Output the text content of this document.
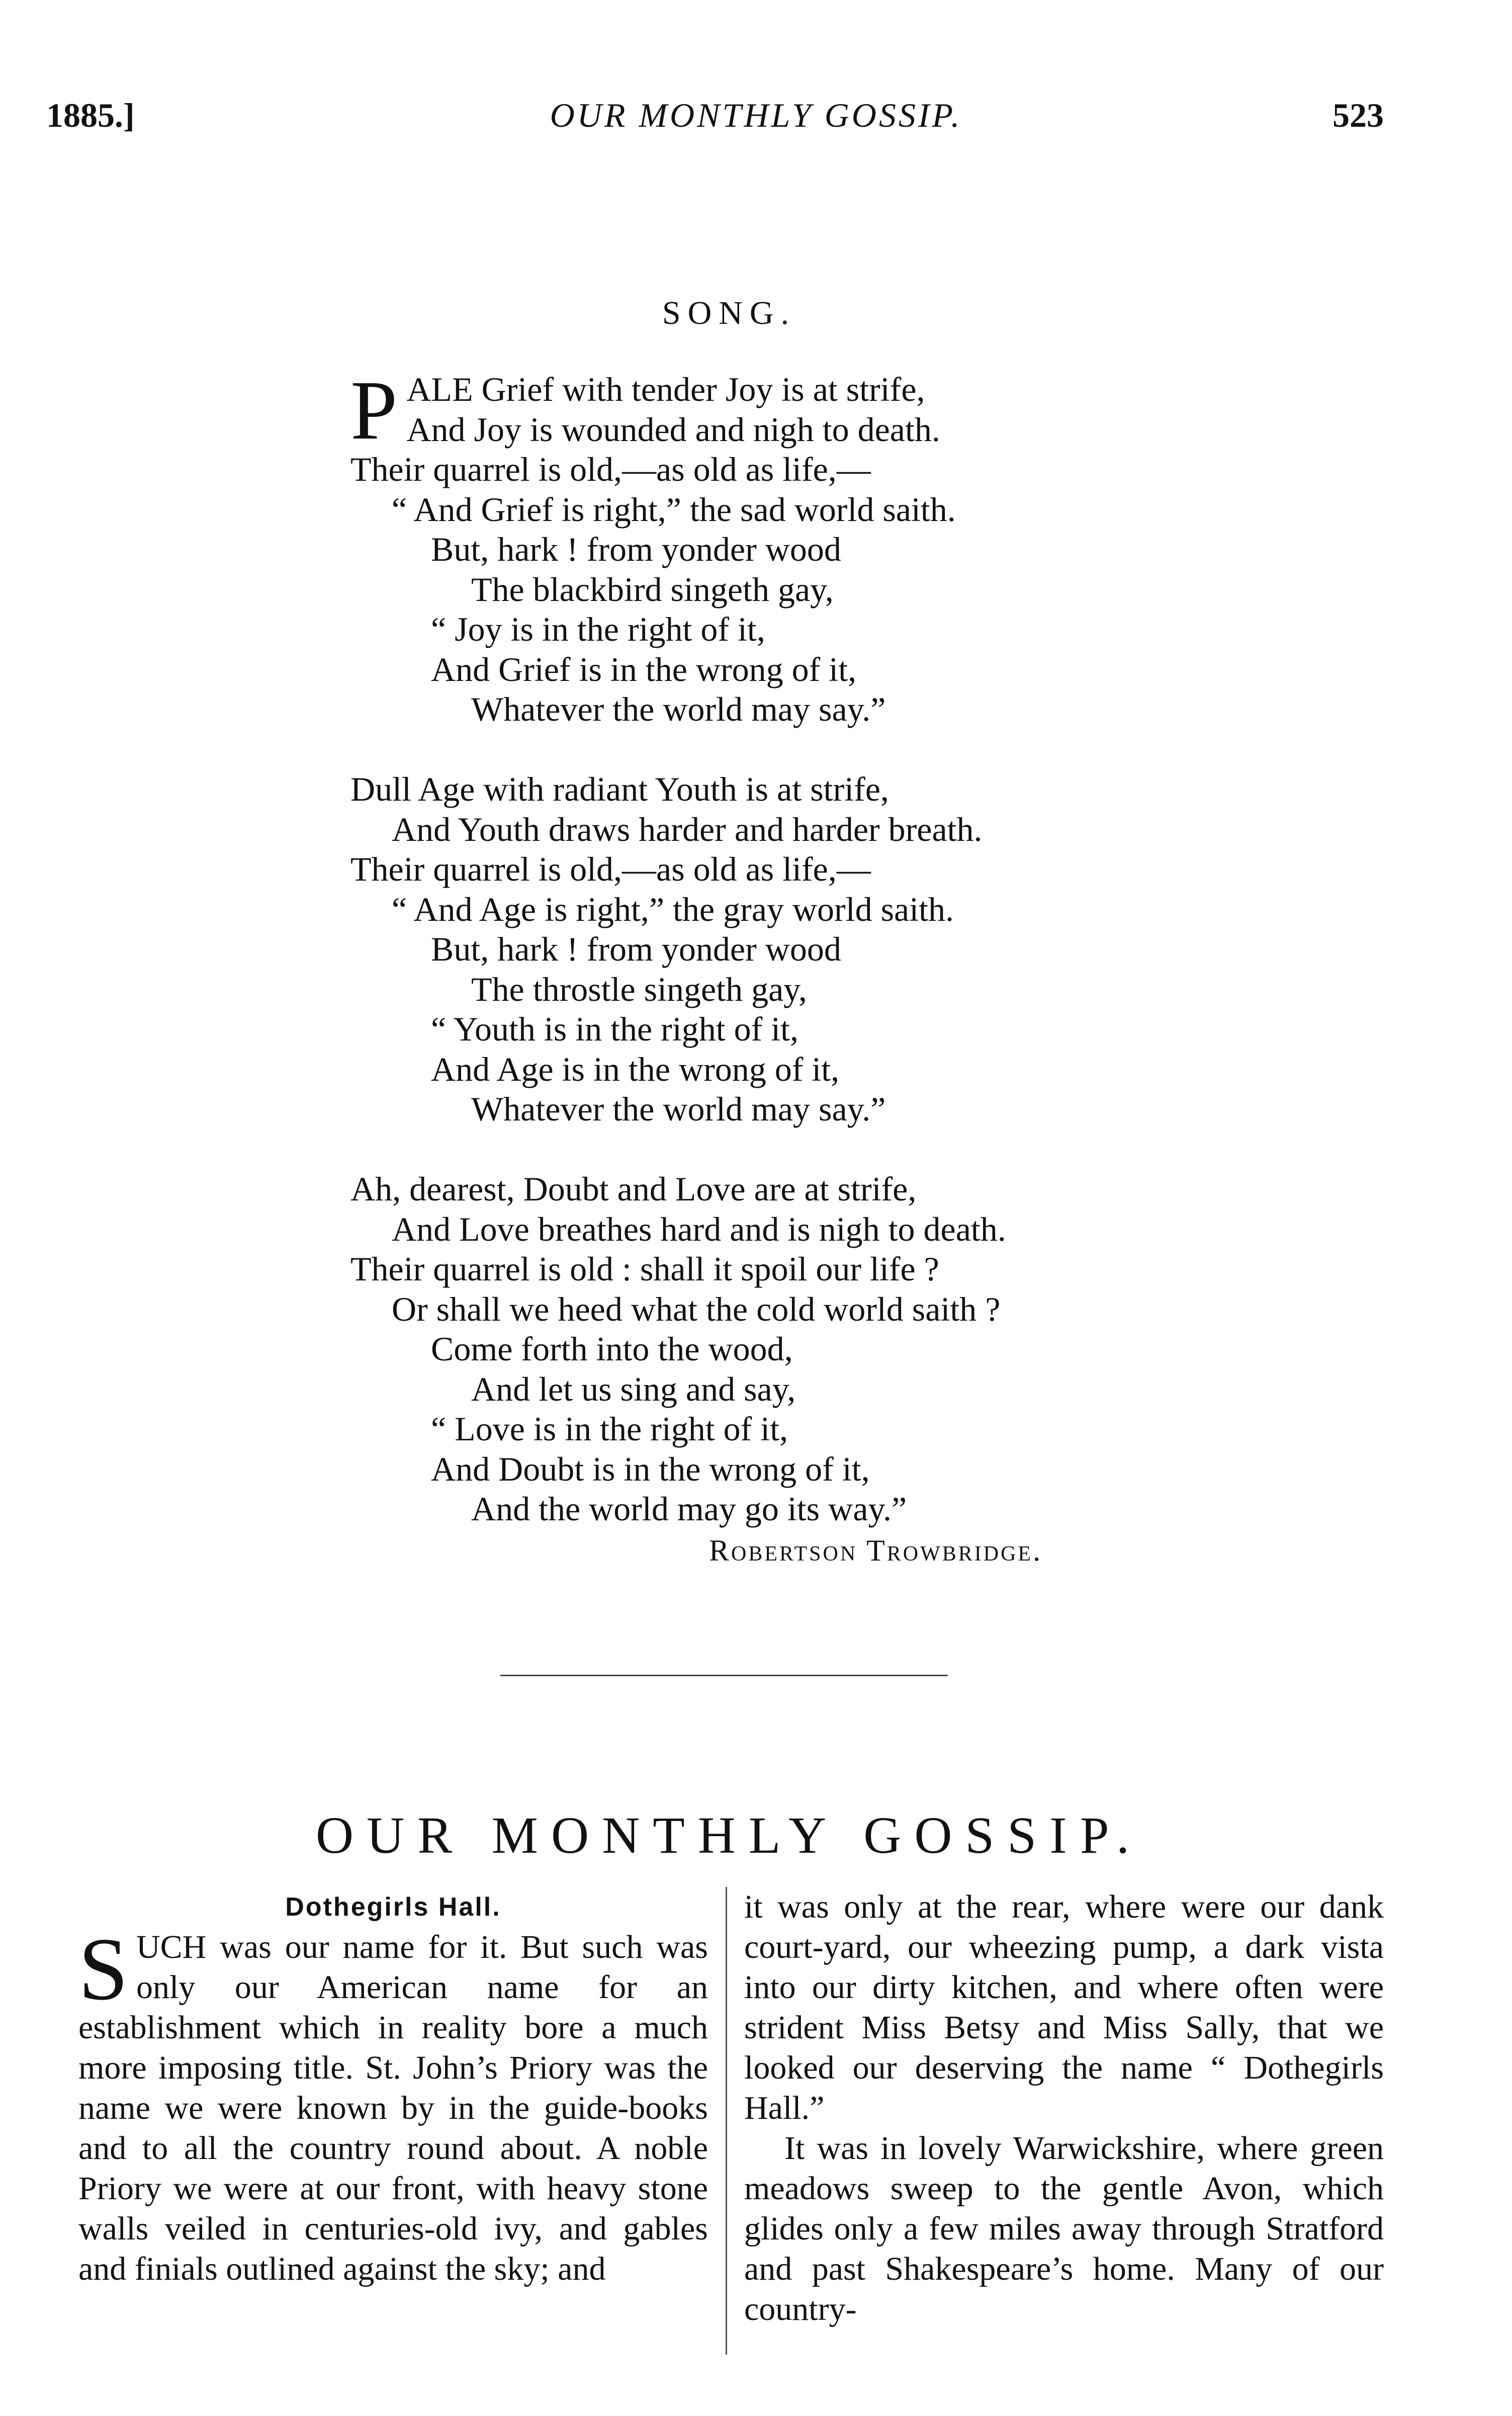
1885.]	OUR MONTHLY GOSSIP.	523
SONG.
PALE Grief with tender Joy is at strife,
And Joy is wounded and nigh to death.
Their quarrel is old,—as old as life,—
“ And Grief is right,” the sad world saith.
But, hark ! from yonder wood
The blackbird singeth gay,
“ Joy is in the right of it,
And Grief is in the wrong of it,
Whatever the world may say.”
Dull Age with radiant Youth is at strife,
And Youth draws harder and harder breath.
Their quarrel is old,—as old as life,—
“ And Age is right,” the gray world saith.
But, hark ! from yonder wood
The throstle singeth gay,
“ Youth is in the right of it,
And Age is in the wrong of it,
Whatever the world may say.”
Ah, dearest, Doubt and Love are at strife,
And Love breathes hard and is nigh to death.
Their quarrel is old : shall it spoil our life ?
Or shall we heed what the cold world saith ?
Come forth into the wood,
And let us sing and say,
“ Love is in the right of it,
And Doubt is in the wrong of it,
And the world may go its way.”
Robertson Trowbridge.
OUR MONTHLY GOSSIP.
Dothegirls Hall.
SUCH was our name for it. But such was only our American name for an establishment which in reality bore a much more imposing title. St. John’s Priory was the name we were known by in the guide-books and to all the country round about. A noble Priory we were at our front, with heavy stone walls veiled in centuries-old ivy, and gables and finials outlined against the sky; and
it was only at the rear, where were our dank court-yard, our wheezing pump, a dark vista into our dirty kitchen, and where often were strident Miss Betsy and Miss Sally, that we looked our deserving the name “ Dothegirls Hall.”
It was in lovely Warwickshire, where green meadows sweep to the gentle Avon, which glides only a few miles away through Stratford and past Shakespeare’s home. Many of our country-
